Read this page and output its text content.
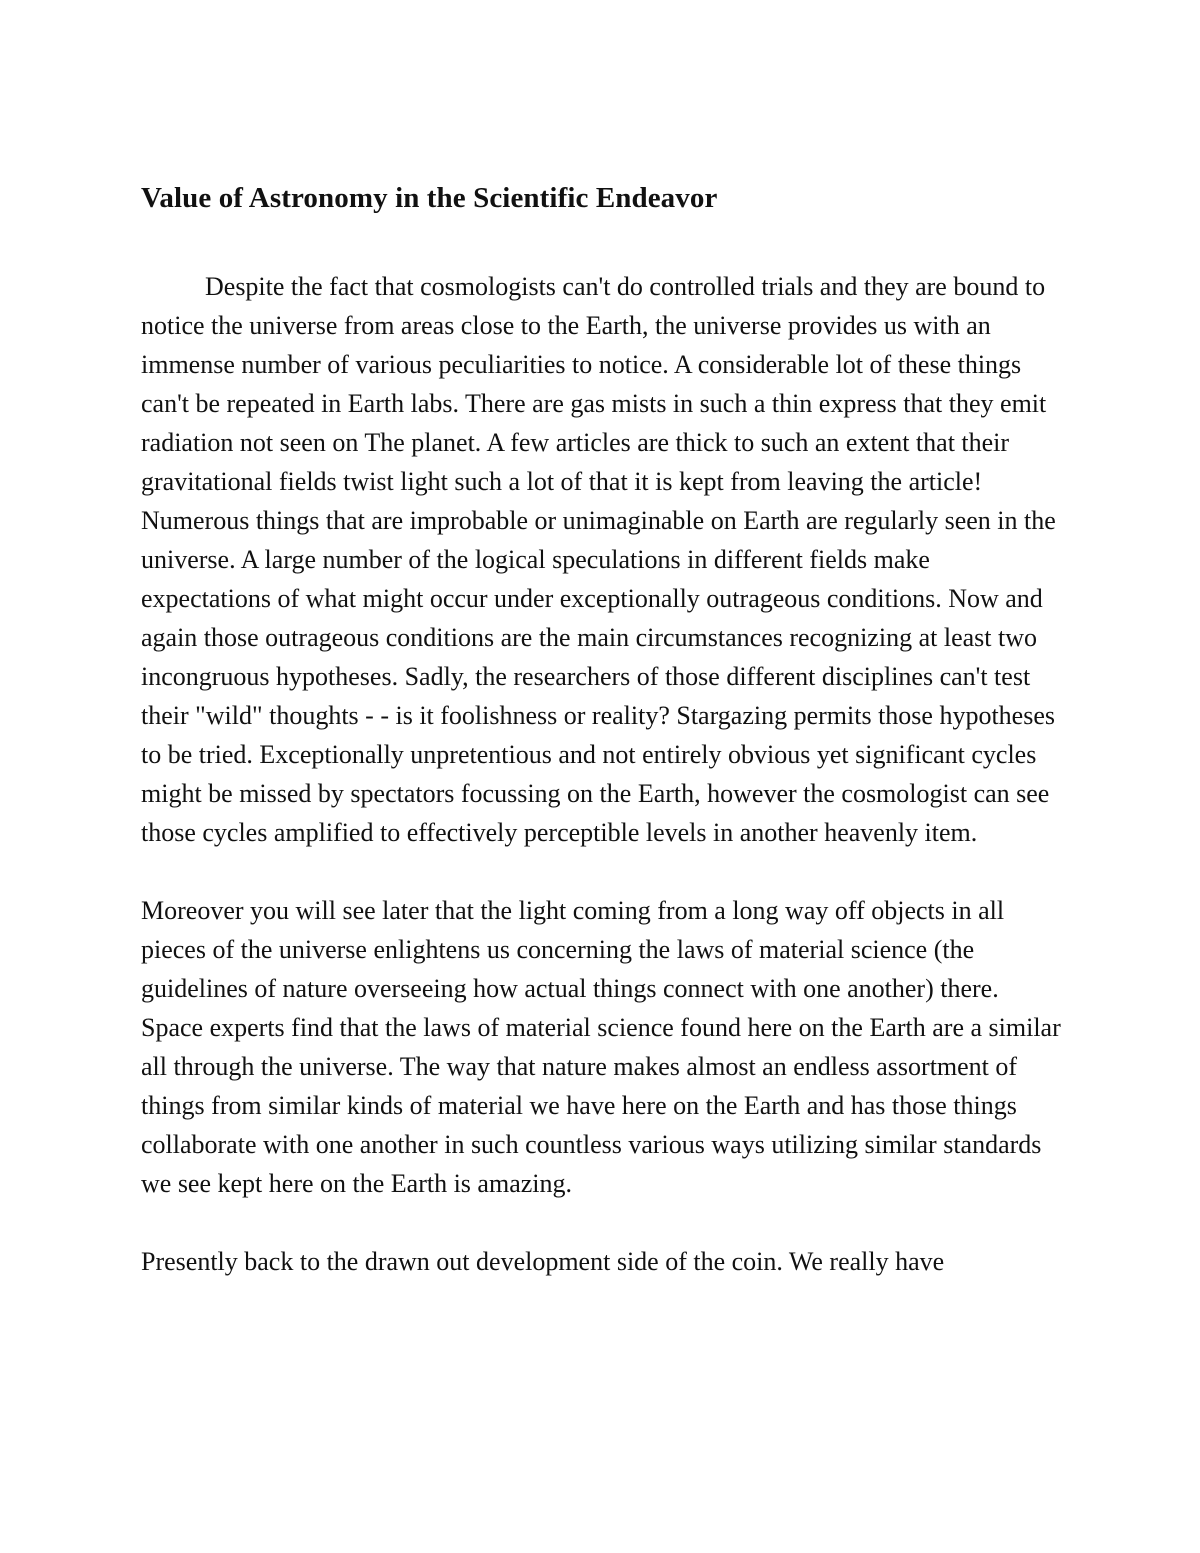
Value of Astronomy in the Scientific Endeavor

Despite the fact that cosmologists can't do controlled trials and they are bound to notice the universe from areas close to the Earth, the universe provides us with an immense number of various peculiarities to notice. A considerable lot of these things can't be repeated in Earth labs. There are gas mists in such a thin express that they emit radiation not seen on The planet. A few articles are thick to such an extent that their gravitational fields twist light such a lot of that it is kept from leaving the article! Numerous things that are improbable or unimaginable on Earth are regularly seen in the universe. A large number of the logical speculations in different fields make expectations of what might occur under exceptionally outrageous conditions. Now and again those outrageous conditions are the main circumstances recognizing at least two incongruous hypotheses. Sadly, the researchers of those different disciplines can't test their "wild" thoughts - - is it foolishness or reality? Stargazing permits those hypotheses to be tried. Exceptionally unpretentious and not entirely obvious yet significant cycles might be missed by spectators focussing on the Earth, however the cosmologist can see those cycles amplified to effectively perceptible levels in another heavenly item.

Moreover you will see later that the light coming from a long way off objects in all pieces of the universe enlightens us concerning the laws of material science (the guidelines of nature overseeing how actual things connect with one another) there. Space experts find that the laws of material science found here on the Earth are a similar all through the universe. The way that nature makes almost an endless assortment of things from similar kinds of material we have here on the Earth and has those things collaborate with one another in such countless various ways utilizing similar standards we see kept here on the Earth is amazing.

Presently back to the drawn out development side of the coin. We really have
